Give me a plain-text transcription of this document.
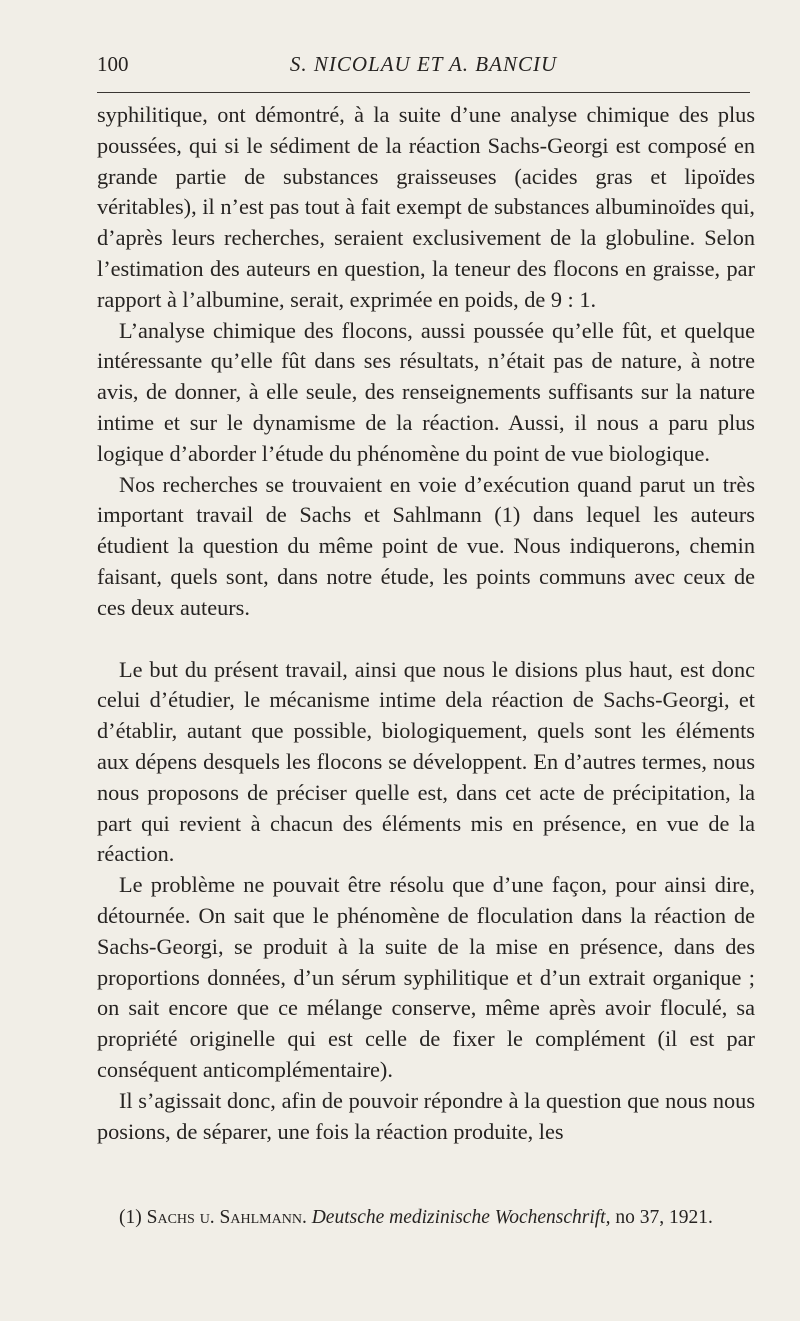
100	S. NICOLAU ET A. BANCIU

syphilitique, ont démontré, à la suite d’une analyse chimique des plus poussées, qui si le sédiment de la réaction Sachs-Georgi est composé en grande partie de substances graisseuses (acides gras et lipoïdes véritables), il n’est pas tout à fait exempt de substances albuminoïdes qui, d’après leurs recherches, seraient exclusivement de la globuline. Selon l’estimation des auteurs en question, la teneur des flocons en graisse, par rapport à l’albumine, serait, exprimée en poids, de 9 : 1.

L’analyse chimique des flocons, aussi poussée qu’elle fût, et quelque intéressante qu’elle fût dans ses résultats, n’était pas de nature, à notre avis, de donner, à elle seule, des renseignements suffisants sur la nature intime et sur le dynamisme de la réaction. Aussi, il nous a paru plus logique d’aborder l’étude du phénomène du point de vue biologique.

Nos recherches se trouvaient en voie d’exécution quand parut un très important travail de Sachs et Sahlmann (1) dans lequel les auteurs étudient la question du même point de vue. Nous indiquerons, chemin faisant, quels sont, dans notre étude, les points communs avec ceux de ces deux auteurs.

Le but du présent travail, ainsi que nous le disions plus haut, est donc celui d’étudier, le mécanisme intime dela réaction de Sachs-Georgi, et d’établir, autant que possible, biologiquement, quels sont les éléments aux dépens desquels les flocons se développent. En d’autres termes, nous nous proposons de préciser quelle est, dans cet acte de précipitation, la part qui revient à chacun des éléments mis en présence, en vue de la réaction.

Le problème ne pouvait être résolu que d’une façon, pour ainsi dire, détournée. On sait que le phénomène de floculation dans la réaction de Sachs-Georgi, se produit à la suite de la mise en présence, dans des proportions données, d’un sérum syphilitique et d’un extrait organique ; on sait encore que ce mélange conserve, même après avoir floculé, sa propriété originelle qui est celle de fixer le complément (il est par conséquent anticomplémentaire).

Il s’agissait donc, afin de pouvoir répondre à la question que nous nous posions, de séparer, une fois la réaction produite, les

(1) Sachs u. Sahlmann. Deutsche medizinische Wochenschrift, no 37, 1921.
